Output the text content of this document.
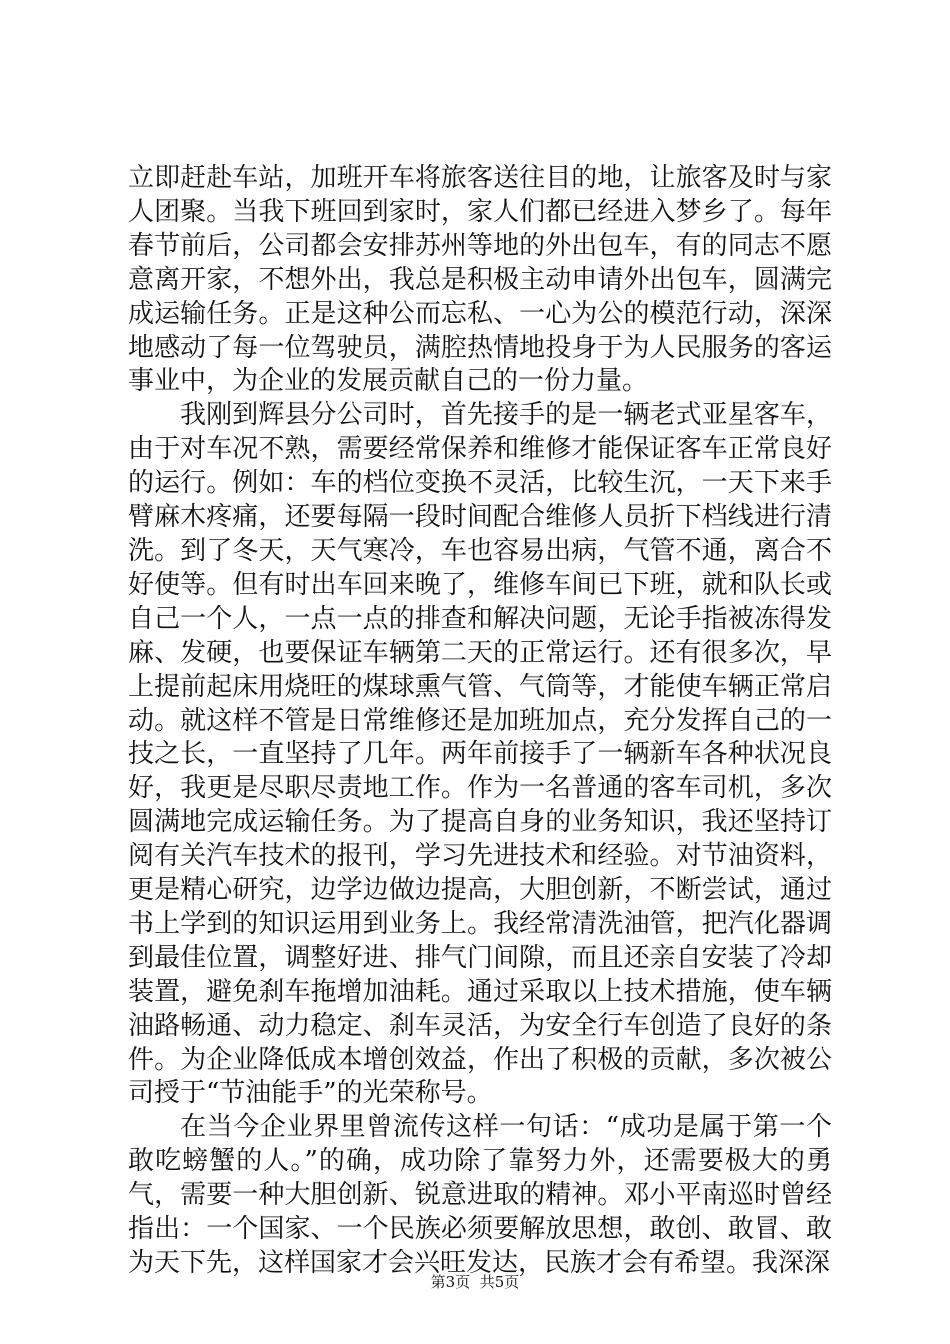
立即赶赴车站，加班开车将旅客送往目的地，让旅客及时与家人团聚。当我下班回到家时，家人们都已经进入梦乡了。每年春节前后，公司都会安排苏州等地的外出包车，有的同志不愿意离开家，不想外出，我总是积极主动申请外出包车，圆满完成运输任务。正是这种公而忘私、一心为公的模范行动，深深地感动了每一位驾驶员，满腔热情地投身于为人民服务的客运事业中，为企业的发展贡献自己的一份力量。

我刚到辉县分公司时，首先接手的是一辆老式亚星客车，由于对车况不熟，需要经常保养和维修才能保证客车正常良好的运行。例如：车的档位变换不灵活，比较生沉，一天下来手臂麻木疼痛，还要每隔一段时间配合维修人员折下档线进行清洗。到了冬天，天气寒冷，车也容易出病，气管不通，离合不好使等。但有时出车回来晚了，维修车间已下班，就和队长或自己一个人，一点一点的排查和解决问题，无论手指被冻得发麻、发硬，也要保证车辆第二天的正常运行。还有很多次，早上提前起床用烧旺的煤球熏气管、气筒等，才能使车辆正常启动。就这样不管是日常维修还是加班加点，充分发挥自己的一技之长，一直坚持了几年。两年前接手了一辆新车各种状况良好，我更是尽职尽责地工作。作为一名普通的客车司机，多次圆满地完成运输任务。为了提高自身的业务知识，我还坚持订阅有关汽车技术的报刊，学习先进技术和经验。对节油资料，更是精心研究，边学边做边提高，大胆创新，不断尝试，通过书上学到的知识运用到业务上。我经常清洗油管，把汽化器调到最佳位置，调整好进、排气门间隙，而且还亲自安装了冷却装置，避免刹车拖增加油耗。通过采取以上技术措施，使车辆油路畅通、动力稳定、刹车灵活，为安全行车创造了良好的条件。为企业降低成本增创效益，作出了积极的贡献，多次被公司授于“节油能手”的光荣称号。

在当今企业界里曾流传这样一句话：“成功是属于第一个敢吃螃蟹的人。”的确，成功除了靠努力外，还需要极大的勇气，需要一种大胆创新、锐意进取的精神。邓小平南巡时曾经指出：一个国家、一个民族必须要解放思想，敢创、敢冒、敢为天下先，这样国家才会兴旺发达，民族才会有希望。我深深

第3页 共5页
